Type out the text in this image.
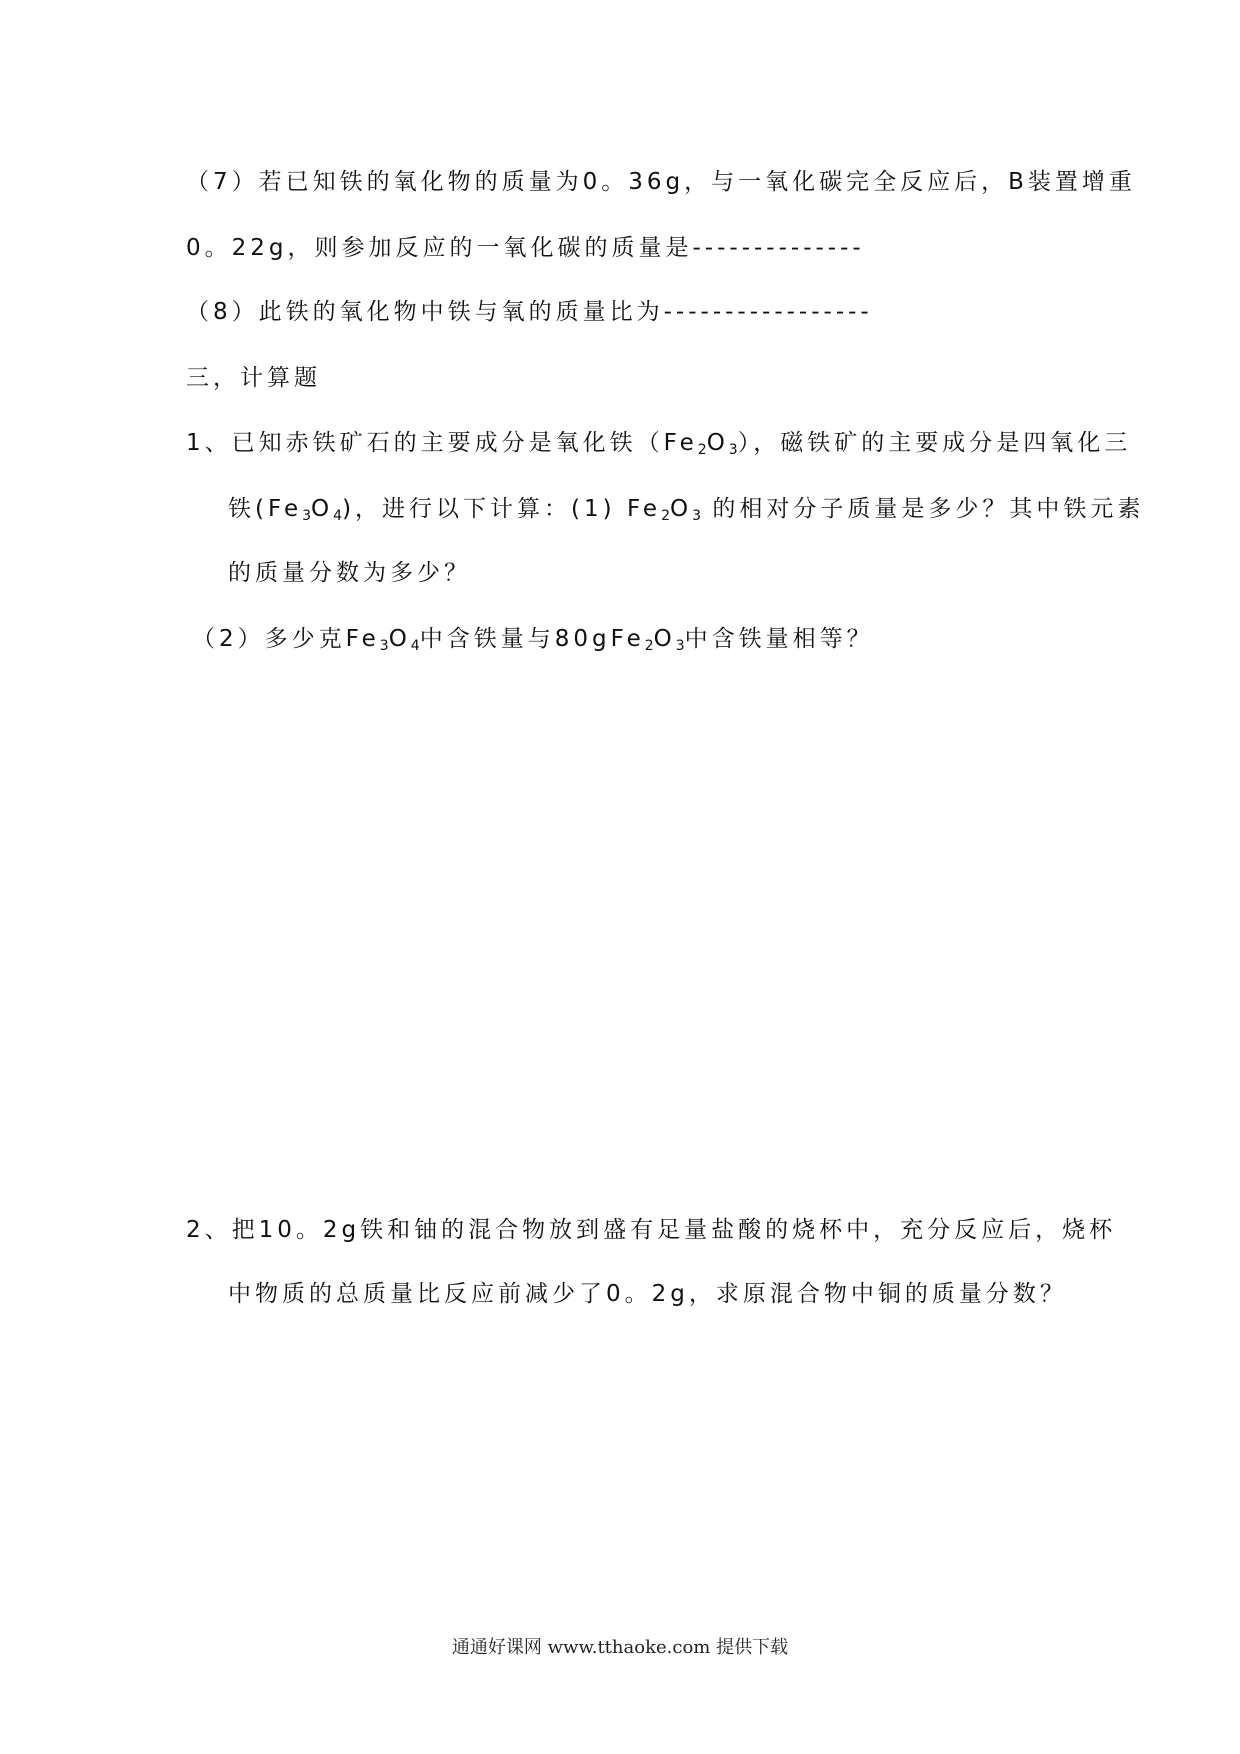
（7）若已知铁的氧化物的质量为0。36g，与一氧化碳完全反应后，B装置增重
0。22g，则参加反应的一氧化碳的质量是--------------
（8）此铁的氧化物中铁与氧的质量比为-----------------
三，计算题
1、已知赤铁矿石的主要成分是氧化铁$(Fe_2O_3)$，磁铁矿的主要成分是四氧化三
铁$(Fe_3O_4)$，进行以下计算：(1) $Fe_2O_3$ 的相对分子质量是多少？其中铁元素
的质量分数为多少？
（2）多少克$Fe_3O_4$中含铁量与$80gFe_2O_3$中含铁量相等？
2、把10。2g铁和铀的混合物放到盛有足量盐酸的烧杯中，充分反应后，烧杯
中物质的总质量比反应前减少了0。2g，求原混合物中铜的质量分数？
通通好课网 www.tthaoke.com 提供下载
